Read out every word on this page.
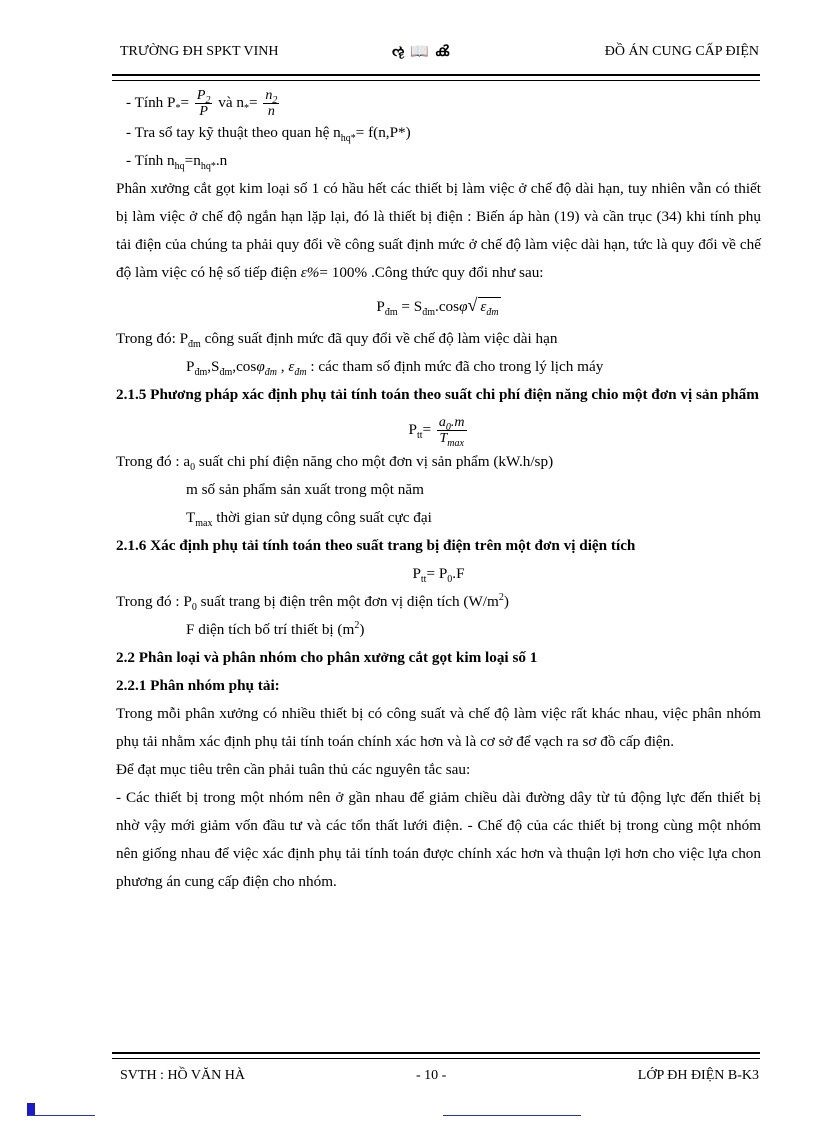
TRƯỜNG ĐH SPKT VINH	ૡ 📖 ൿ	ĐỒ ÁN CUNG CẤP ĐIỆN

- Tính $P_*= \frac{P_2}{P}$ và $n_*= \frac{n_2}{n}$

- Tra sổ tay kỹ thuật theo quan hệ $n_{hq*}= f(n,P*)$

- Tính $n_{hq}=n_{hq*}.n$

Phân xưởng cắt gọt kim loại số 1 có hầu hết các thiết bị làm việc ở chế độ dài hạn, tuy nhiên vẫn có thiết bị làm việc ở chế độ ngắn hạn lặp lại, đó là thiết bị điện : Biến áp hàn (19) và cần trục (34) khi tính phụ tải điện của chúng ta phải quy đổi về công suất định mức ở chế độ làm việc dài hạn, tức là quy đổi về chế độ làm việc có hệ số tiếp điện ε%= 100% .Công thức quy đổi như sau:

$P_{đm} = S_{đm}.\cos\varphi√$ $\varepsilon_{đm}$

Trong đó: $P_{đm}$ công suất định mức đã quy đổi về chế độ làm việc dài hạn

$P_{đm},S_{đm},\cos\varphi_{đm}$ , $\varepsilon_{đm}$ : các tham số định mức đã cho trong lý lịch máy

2.1.5 Phương pháp xác định phụ tải tính toán theo suất chi phí điện năng chio một đơn vị sản phẩm

$P_{tt}= \frac{a_0.m}{T_{max}}$

Trong đó : $a_0$ suất chi phí điện năng cho một đơn vị sản phẩm (kW.h/sp)

m số sản phẩm sản xuất trong một năm

$T_{max}$ thời gian sử dụng công suất cực đại

2.1.6 Xác định phụ tải tính toán theo suất trang bị điện trên một đơn vị diện tích

$P_{tt}= P_0.F$

Trong đó : $P_0$ suất trang bị điện trên một đơn vị diện tích $(W/m^2)$

F diện tích bố trí thiết bị $(m^2)$

2.2 Phân loại và phân nhóm cho phân xưởng cắt gọt kim loại số 1

2.2.1 Phân nhóm phụ tải:

Trong mỗi phân xưởng có nhiều thiết bị có công suất và chế độ làm việc rất khác nhau, việc phân nhóm phụ tải nhằm xác định phụ tải tính toán chính xác hơn và là cơ sở để vạch ra sơ đồ cấp điện.

Để đạt mục tiêu trên cần phải tuân thủ các nguyên tắc sau:

- Các thiết bị trong một nhóm nên ở gần nhau để giảm chiều dài đường dây từ tủ động lực đến thiết bị nhờ vậy mới giảm vốn đầu tư và các tổn thất lưới điện. - Chế độ của các thiết bị trong cùng một nhóm nên giống nhau để việc xác định phụ tải tính toán được chính xác hơn và thuận lợi hơn cho việc lựa chon phương án cung cấp điện cho nhóm.

SVTH : HỒ VĂN HÀ	- 10 -	LỚP ĐH ĐIỆN B-K3
